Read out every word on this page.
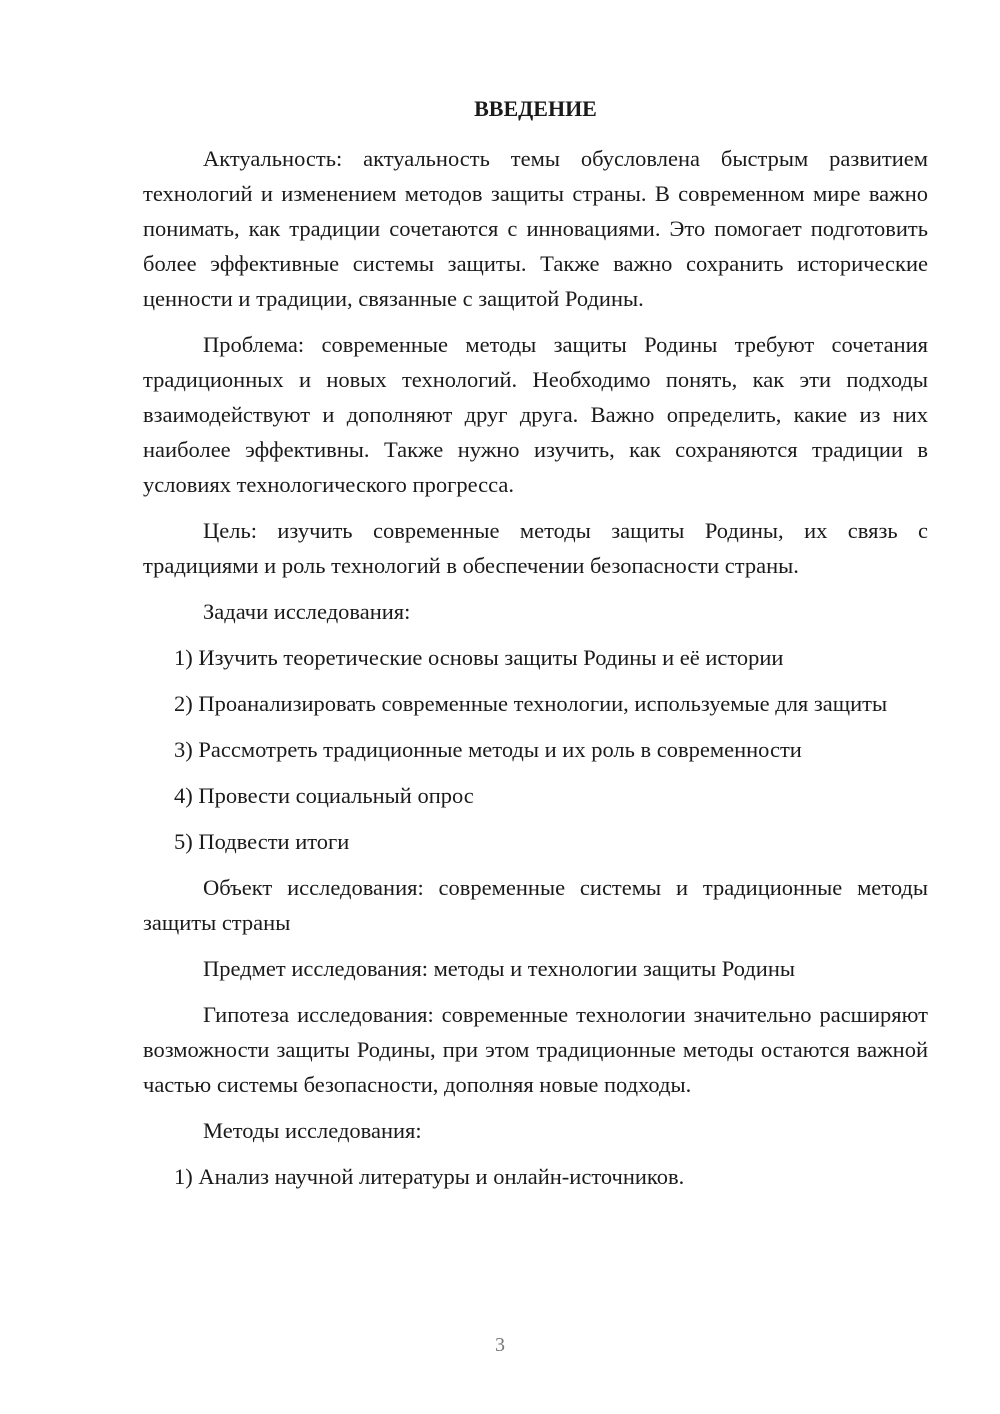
ВВЕДЕНИЕ

Актуальность: актуальность темы обусловлена быстрым развитием технологий и изменением методов защиты страны. В современном мире важно понимать, как традиции сочетаются с инновациями. Это помогает подготовить более эффективные системы защиты. Также важно сохранить исторические ценности и традиции, связанные с защитой Родины.

Проблема: современные методы защиты Родины требуют сочетания традиционных и новых технологий. Необходимо понять, как эти подходы взаимодействуют и дополняют друг друга. Важно определить, какие из них наиболее эффективны. Также нужно изучить, как сохраняются традиции в условиях технологического прогресса.

Цель: изучить современные методы защиты Родины, их связь с традициями и роль технологий в обеспечении безопасности страны.

Задачи исследования:

1) Изучить теоретические основы защиты Родины и её истории

2) Проанализировать современные технологии, используемые для защиты

3) Рассмотреть традиционные методы и их роль в современности

4) Провести социальный опрос

5) Подвести итоги

Объект исследования: современные системы и традиционные методы защиты страны

Предмет исследования: методы и технологии защиты Родины

Гипотеза исследования: современные технологии значительно расширяют возможности защиты Родины, при этом традиционные методы остаются важной частью системы безопасности, дополняя новые подходы.

Методы исследования:

1) Анализ научной литературы и онлайн-источников.

3
